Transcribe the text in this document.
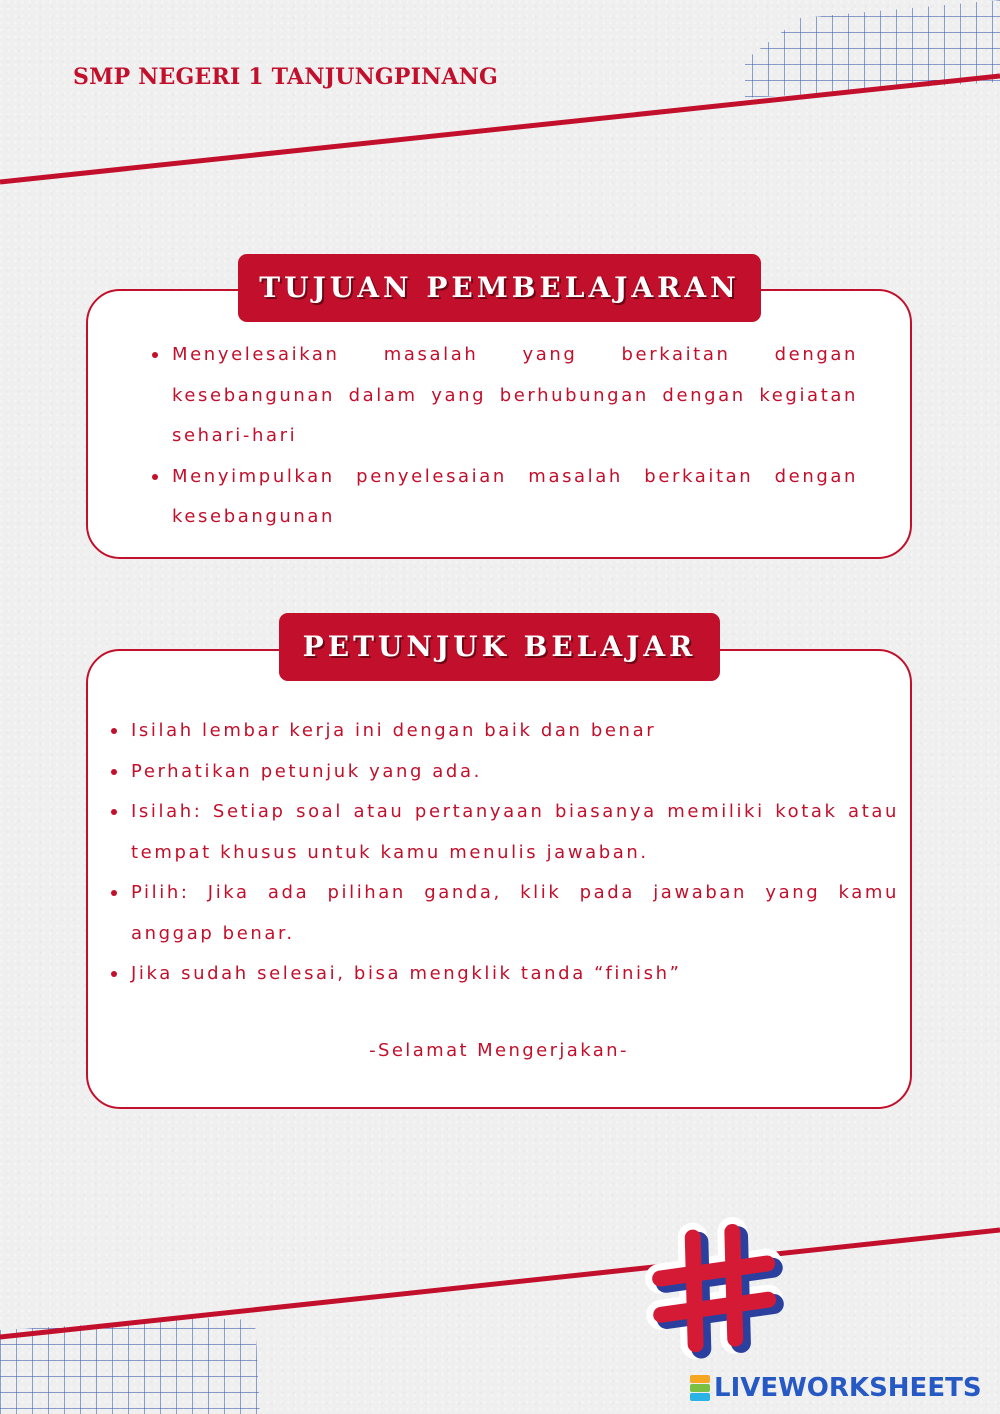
SMP NEGERI 1 TANJUNGPINANG
TUJUAN PEMBELAJARAN
Menyelesaikan masalah yang berkaitan dengan kesebangunan dalam yang berhubungan dengan kegiatan sehari-hari
Menyimpulkan penyelesaian masalah berkaitan dengan kesebangunan
PETUNJUK BELAJAR
Isilah lembar kerja ini dengan baik dan benar
Perhatikan petunjuk yang ada.
Isilah: Setiap soal atau pertanyaan biasanya memiliki kotak atau tempat khusus untuk kamu menulis jawaban.
Pilih: Jika ada pilihan ganda, klik pada jawaban yang kamu anggap benar.
Jika sudah selesai, bisa mengklik tanda “finish”

-Selamat Mengerjakan-

LIVEWORKSHEETS
